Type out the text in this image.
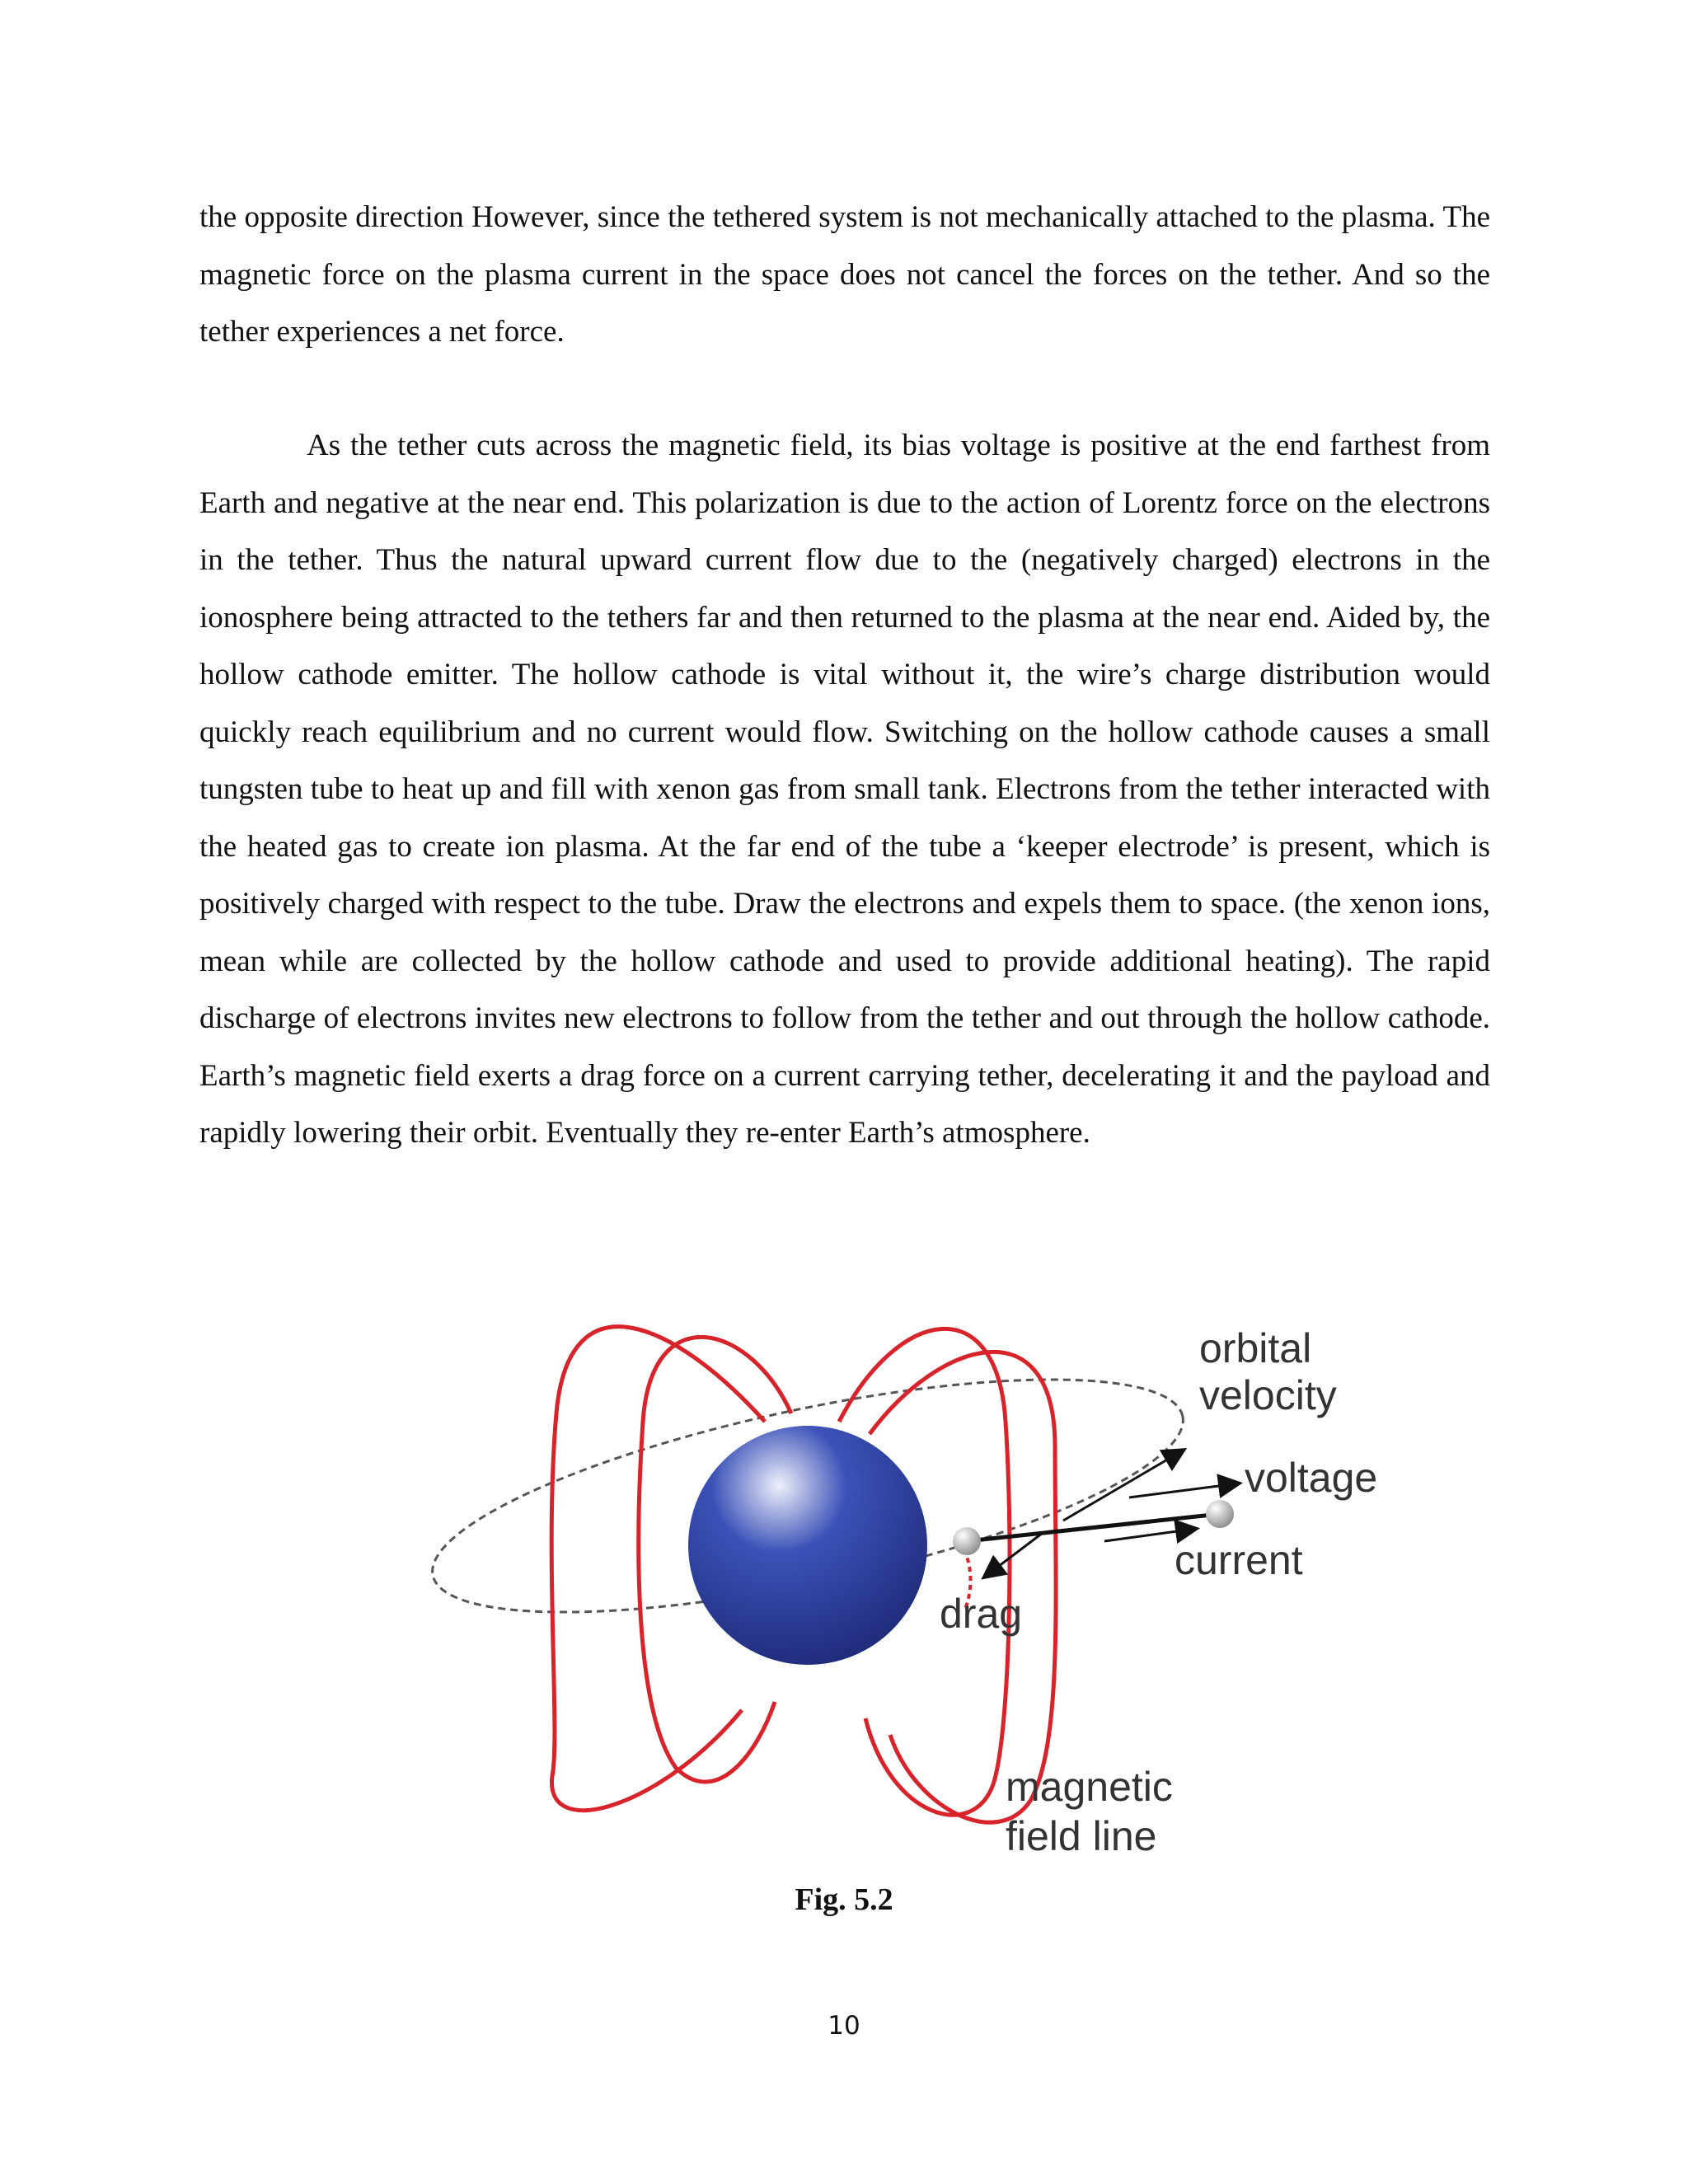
the opposite direction However, since the tethered system is not mechanically attached to the plasma. The magnetic force on the plasma current in the space does not cancel the forces on the tether. And so the tether experiences a net force.

As the tether cuts across the magnetic field, its bias voltage is positive at the end farthest from Earth and negative at the near end. This polarization is due to the action of Lorentz force on the electrons in the tether. Thus the natural upward current flow due to the (negatively charged) electrons in the ionosphere being attracted to the tethers far and then returned to the plasma at the near end. Aided by, the hollow cathode emitter. The hollow cathode is vital without it, the wire’s charge distribution would quickly reach equilibrium and no current would flow. Switching on the hollow cathode causes a small tungsten tube to heat up and fill with xenon gas from small tank. Electrons from the tether interacted with the heated gas to create ion plasma. At the far end of the tube a ‘keeper electrode’ is present, which is positively charged with respect to the tube. Draw the electrons and expels them to space. (the xenon ions, mean while are collected by the hollow cathode and used to provide additional heating). The rapid discharge of electrons invites new electrons to follow from the tether and out through the hollow cathode. Earth’s magnetic field exerts a drag force on a current carrying tether, decelerating it and the payload and rapidly lowering their orbit. Eventually they re-enter Earth’s atmosphere.

orbital
velocity
voltage
current
drag
magnetic
field line
Fig. 5.2
10
